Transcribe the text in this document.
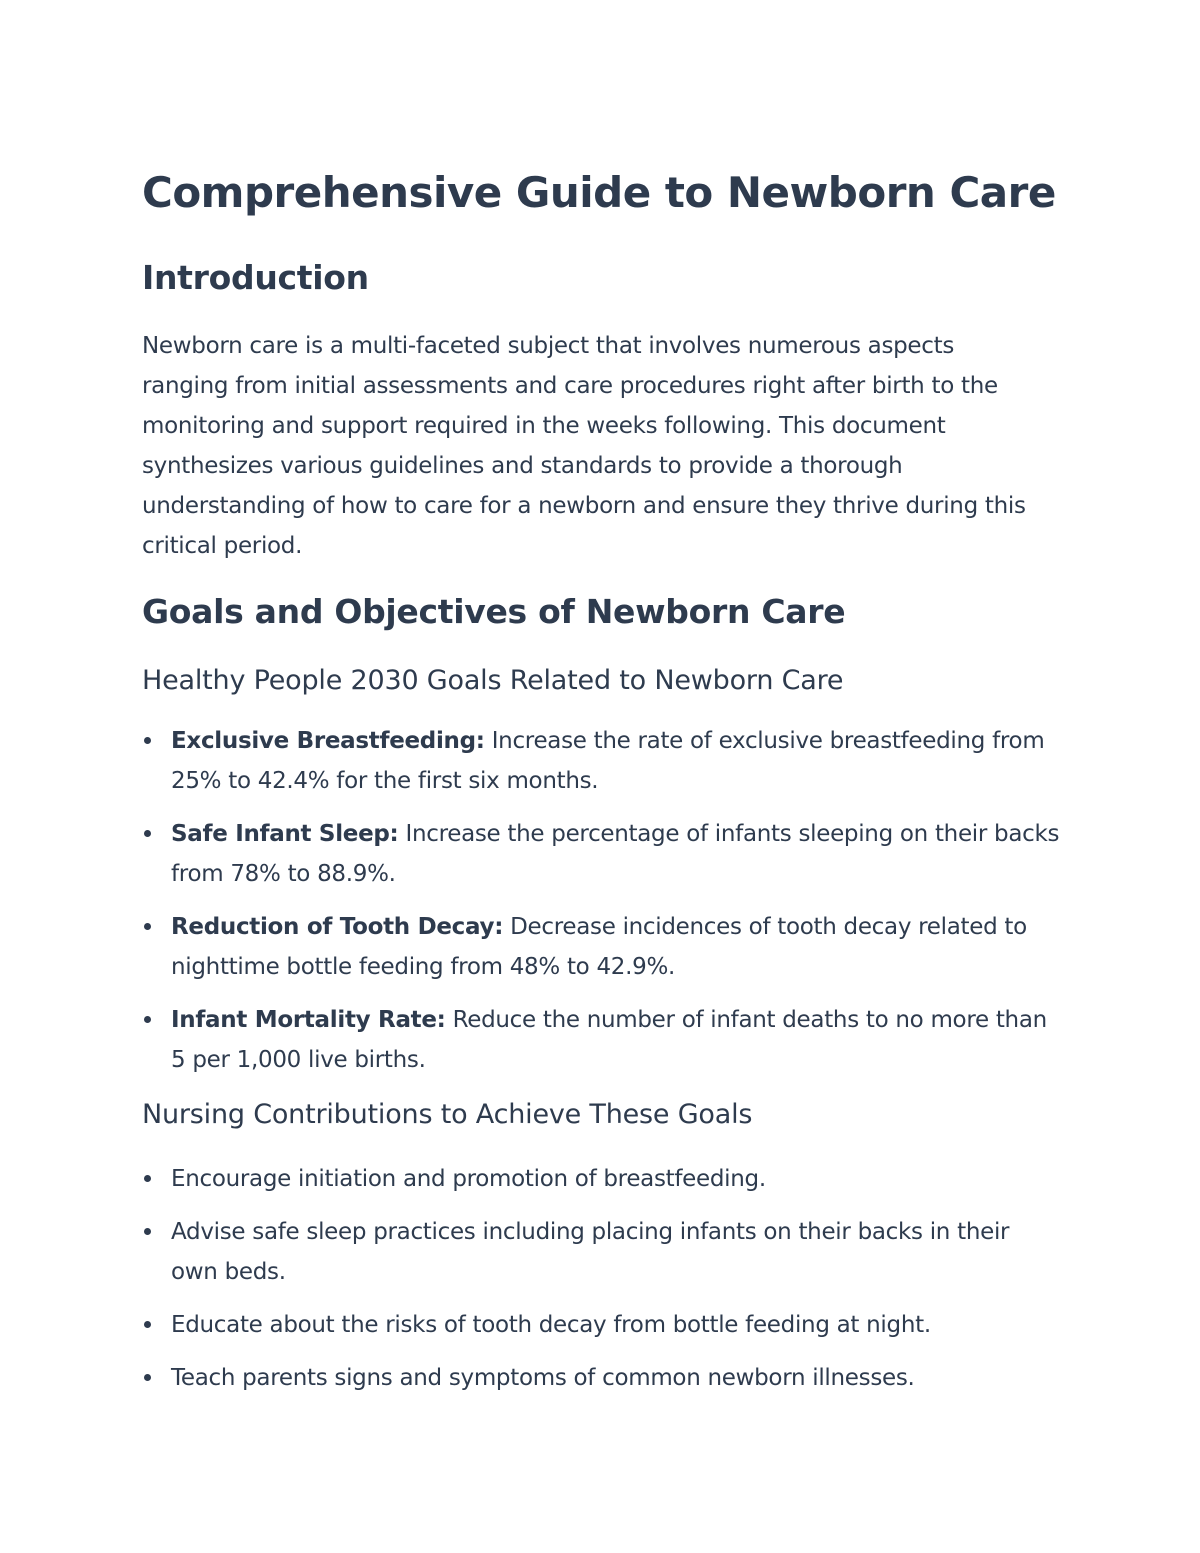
Comprehensive Guide to Newborn Care
Introduction

Newborn care is a multi-faceted subject that involves numerous aspects ranging from initial assessments and care procedures right after birth to the monitoring and support required in the weeks following. This document synthesizes various guidelines and standards to provide a thorough understanding of how to care for a newborn and ensure they thrive during this critical period.

Goals and Objectives of Newborn Care
Healthy People 2030 Goals Related to Newborn Care
Exclusive Breastfeeding: Increase the rate of exclusive breastfeeding from 25% to 42.4% for the first six months.
Safe Infant Sleep: Increase the percentage of infants sleeping on their backs from 78% to 88.9%.
Reduction of Tooth Decay: Decrease incidences of tooth decay related to nighttime bottle feeding from 48% to 42.9%.
Infant Mortality Rate: Reduce the number of infant deaths to no more than 5 per 1,000 live births.
Nursing Contributions to Achieve These Goals
Encourage initiation and promotion of breastfeeding.
Advise safe sleep practices including placing infants on their backs in their own beds.
Educate about the risks of tooth decay from bottle feeding at night.
Teach parents signs and symptoms of common newborn illnesses.
